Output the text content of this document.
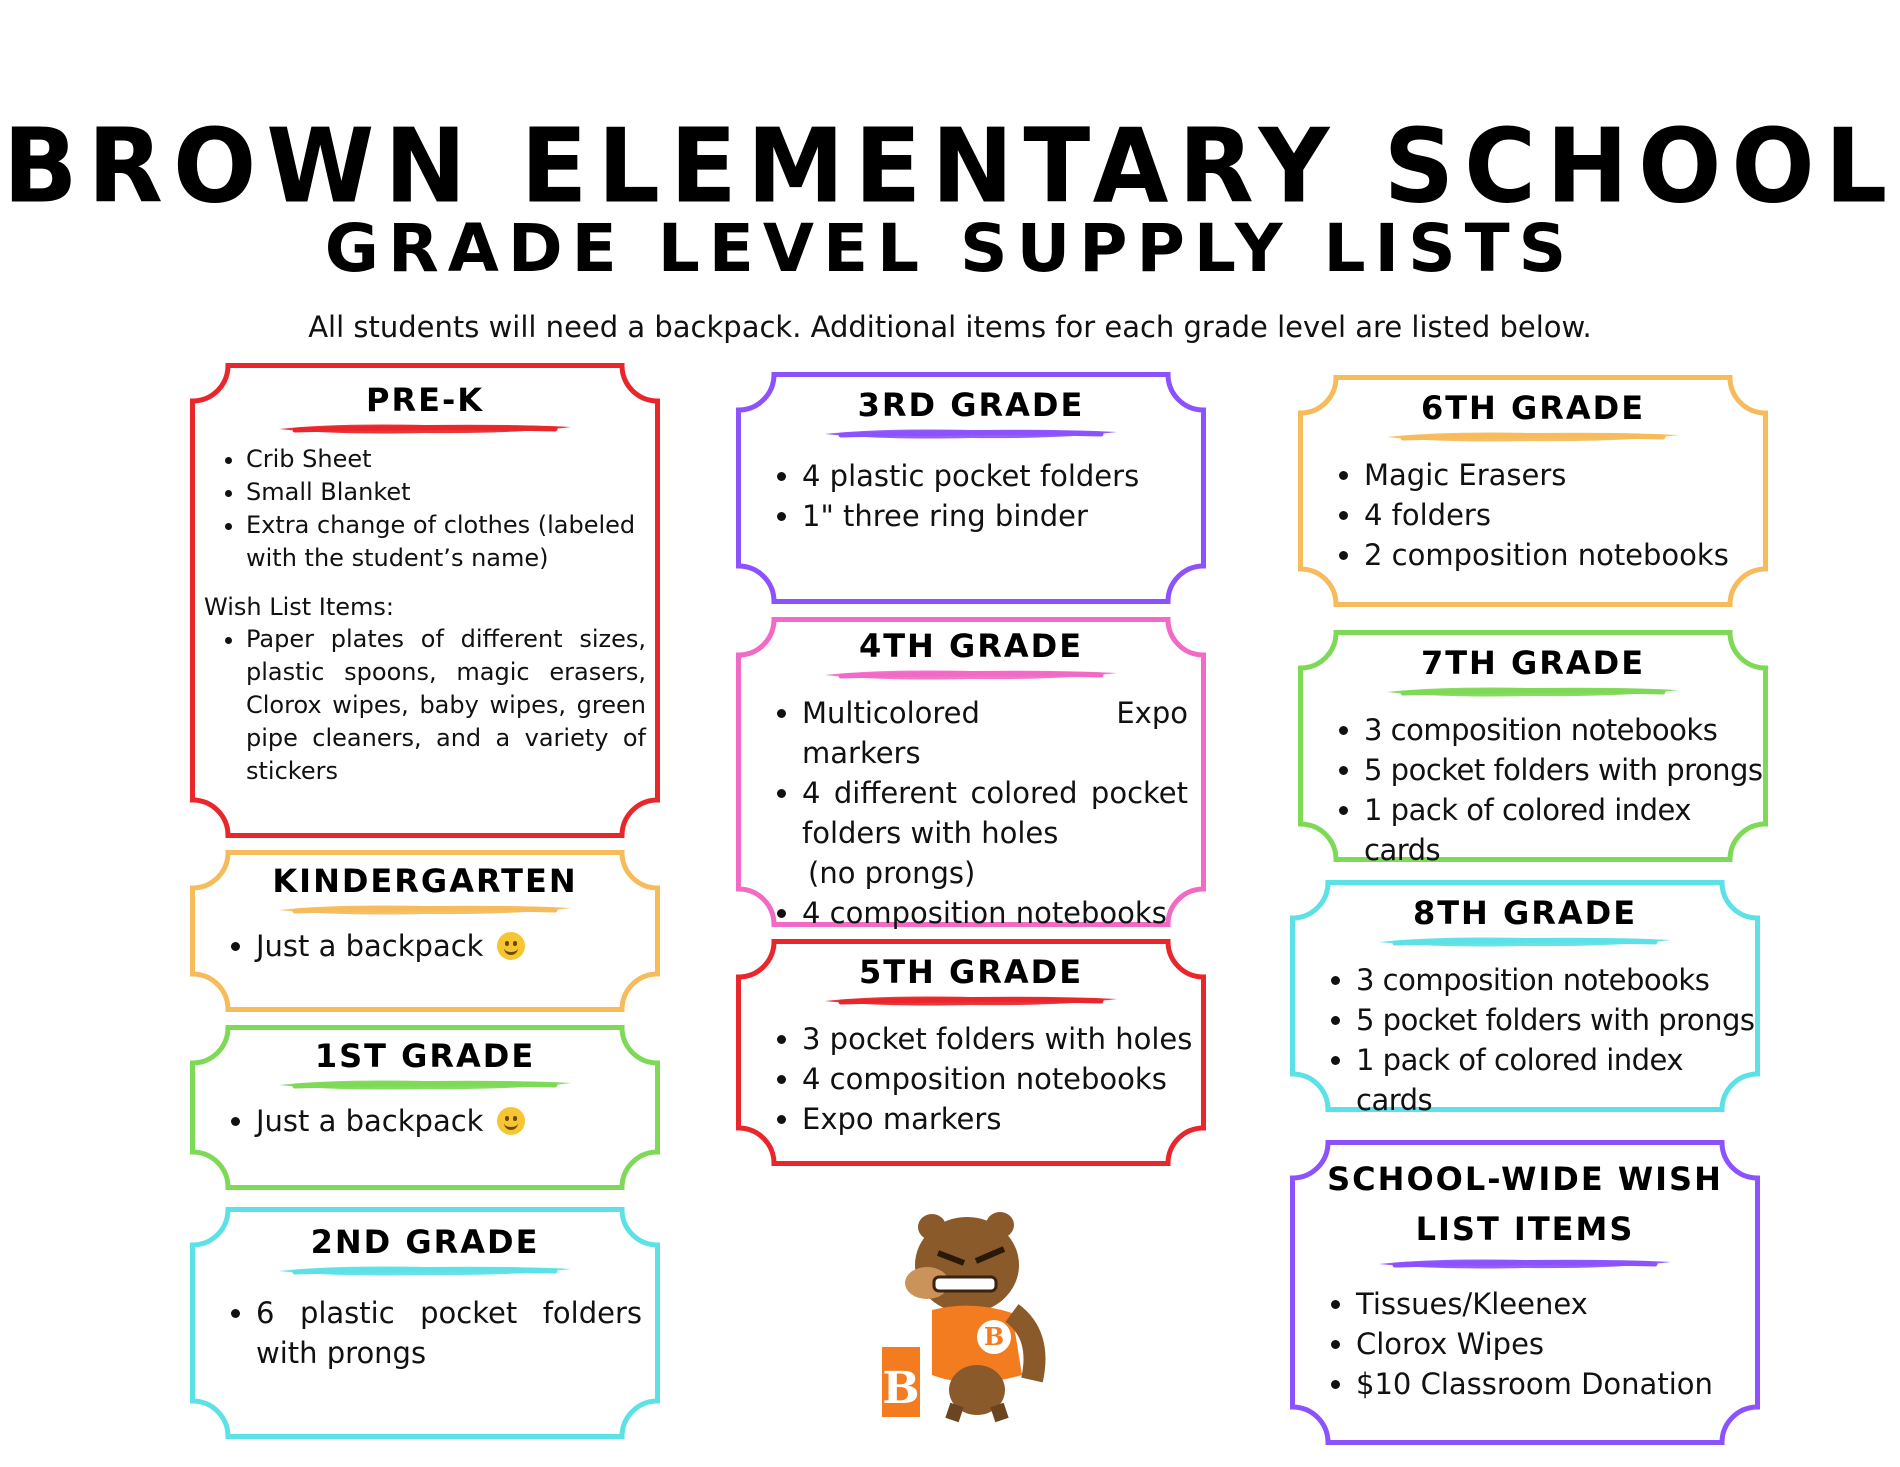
BROWN ELEMENTARY SCHOOL
GRADE LEVEL SUPPLY LISTS
All students will need a backpack. Additional items for each grade level are listed below.
PRE-K
• Crib Sheet
• Small Blanket
• Extra change of clothes (labeled with the student’s name)
Wish List Items:
• Paper plates of different sizes, plastic spoons, magic erasers, Clorox wipes, baby wipes, green pipe cleaners, and a variety of stickers
KINDERGARTEN
• Just a backpack
1ST GRADE
• Just a backpack
2ND GRADE
• 6 plastic pocket folders with prongs
3RD GRADE
• 4 plastic pocket folders
• 1" three ring binder
4TH GRADE
• Multicolored Expo markers
• 4 different colored pocket folders with holes
(no prongs)
• 4 composition notebooks
5TH GRADE
• 3 pocket folders with holes
• 4 composition notebooks
• Expo markers
6TH GRADE
• Magic Erasers
• 4 folders
• 2 composition notebooks
7TH GRADE
• 3 composition notebooks
• 5 pocket folders with prongs
• 1 pack of colored index cards
8TH GRADE
• 3 composition notebooks
• 5 pocket folders with prongs
• 1 pack of colored index cards
SCHOOL-WIDE WISH LIST ITEMS
• Tissues/Kleenex
• Clorox Wipes
• $10 Classroom Donation
B
B
